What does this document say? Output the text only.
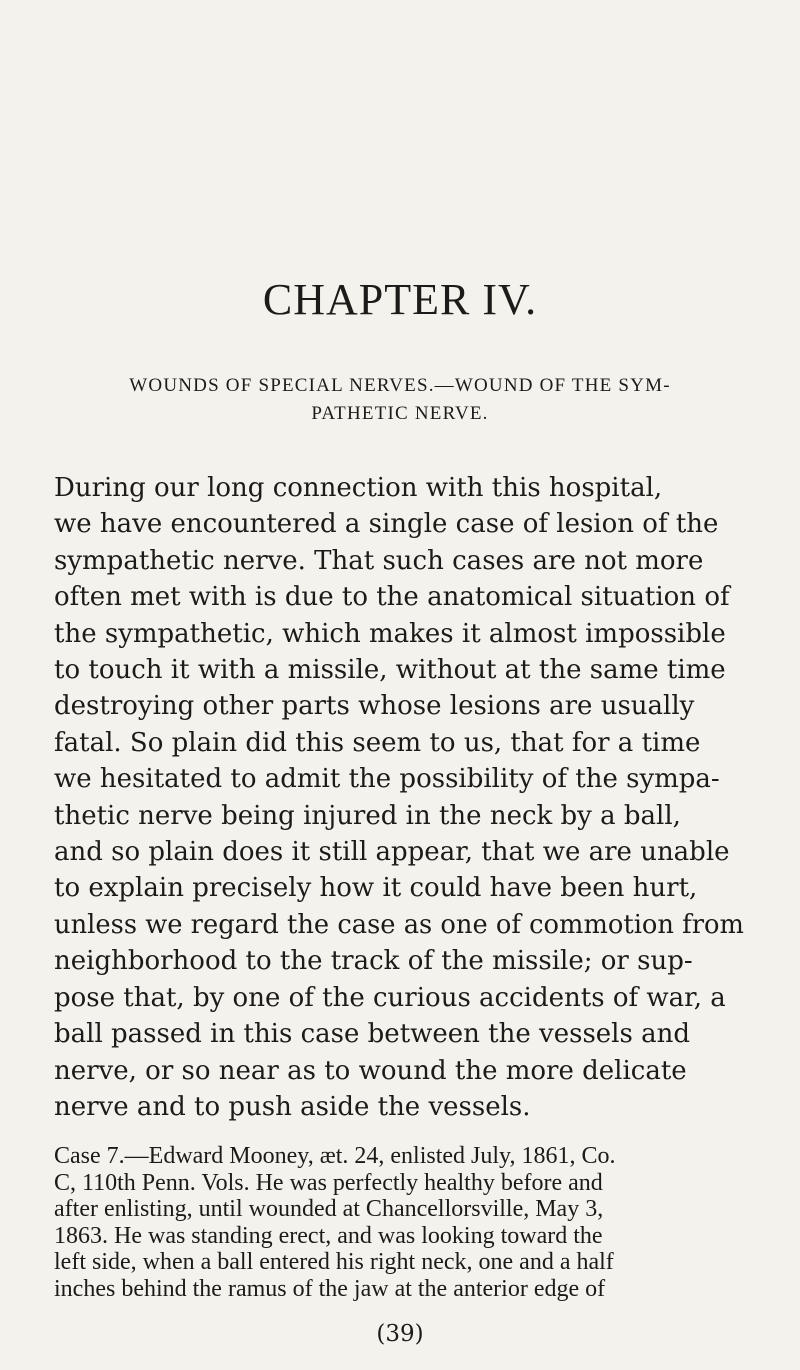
CHAPTER IV.
WOUNDS OF SPECIAL NERVES.—WOUND OF THE SYM-
PATHETIC NERVE.
During our long connection with this hospital,
we have encountered a single case of lesion of the
sympathetic nerve. That such cases are not more
often met with is due to the anatomical situation of
the sympathetic, which makes it almost impossible
to touch it with a missile, without at the same time
destroying other parts whose lesions are usually
fatal. So plain did this seem to us, that for a time
we hesitated to admit the possibility of the sympa-
thetic nerve being injured in the neck by a ball,
and so plain does it still appear, that we are unable
to explain precisely how it could have been hurt,
unless we regard the case as one of commotion from
neighborhood to the track of the missile; or sup-
pose that, by one of the curious accidents of war, a
ball passed in this case between the vessels and
nerve, or so near as to wound the more delicate
nerve and to push aside the vessels.
Case 7.—Edward Mooney, æt. 24, enlisted July, 1861, Co.
C, 110th Penn. Vols. He was perfectly healthy before and
after enlisting, until wounded at Chancellorsville, May 3,
1863. He was standing erect, and was looking toward the
left side, when a ball entered his right neck, one and a half
inches behind the ramus of the jaw at the anterior edge of
(39)
